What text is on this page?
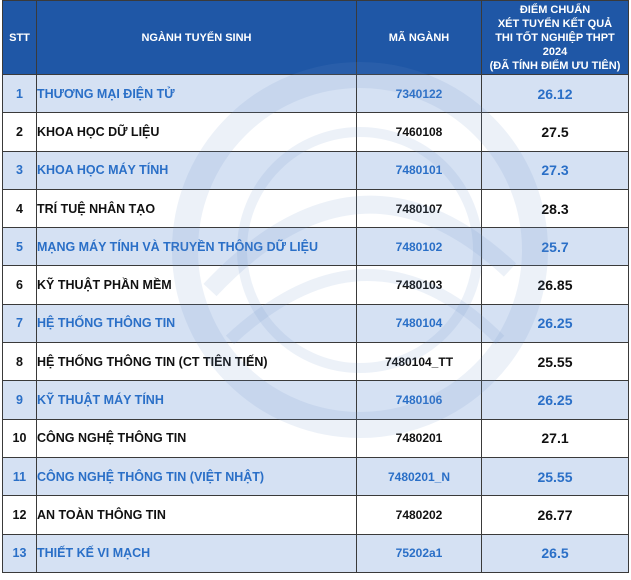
STT	NGÀNH TUYỂN SINH	MÃ NGÀNH	ĐIỂM CHUẨN
XÉT TUYỂN KẾT QUẢ
THI TỐT NGHIỆP THPT 2024
(ĐÃ TÍNH ĐIỂM ƯU TIÊN)

1	THƯƠNG MẠI ĐIỆN TỬ	7340122	26.12
2	KHOA HỌC DỮ LIỆU	7460108	27.5
3	KHOA HỌC MÁY TÍNH	7480101	27.3
4	TRÍ TUỆ NHÂN TẠO	7480107	28.3
5	MẠNG MÁY TÍNH VÀ TRUYỀN THÔNG DỮ LIỆU	7480102	25.7
6	KỸ THUẬT PHẦN MỀM	7480103	26.85
7	HỆ THỐNG THÔNG TIN	7480104	26.25
8	HỆ THỐNG THÔNG TIN (CT TIÊN TIẾN)	7480104_TT	25.55
9	KỸ THUẬT MÁY TÍNH	7480106	26.25
10	CÔNG NGHỆ THÔNG TIN	7480201	27.1
11	CÔNG NGHỆ THÔNG TIN (VIỆT NHẬT)	7480201_N	25.55
12	AN TOÀN THÔNG TIN	7480202	26.77
13	THIẾT KẾ VI MẠCH	75202a1	26.5
